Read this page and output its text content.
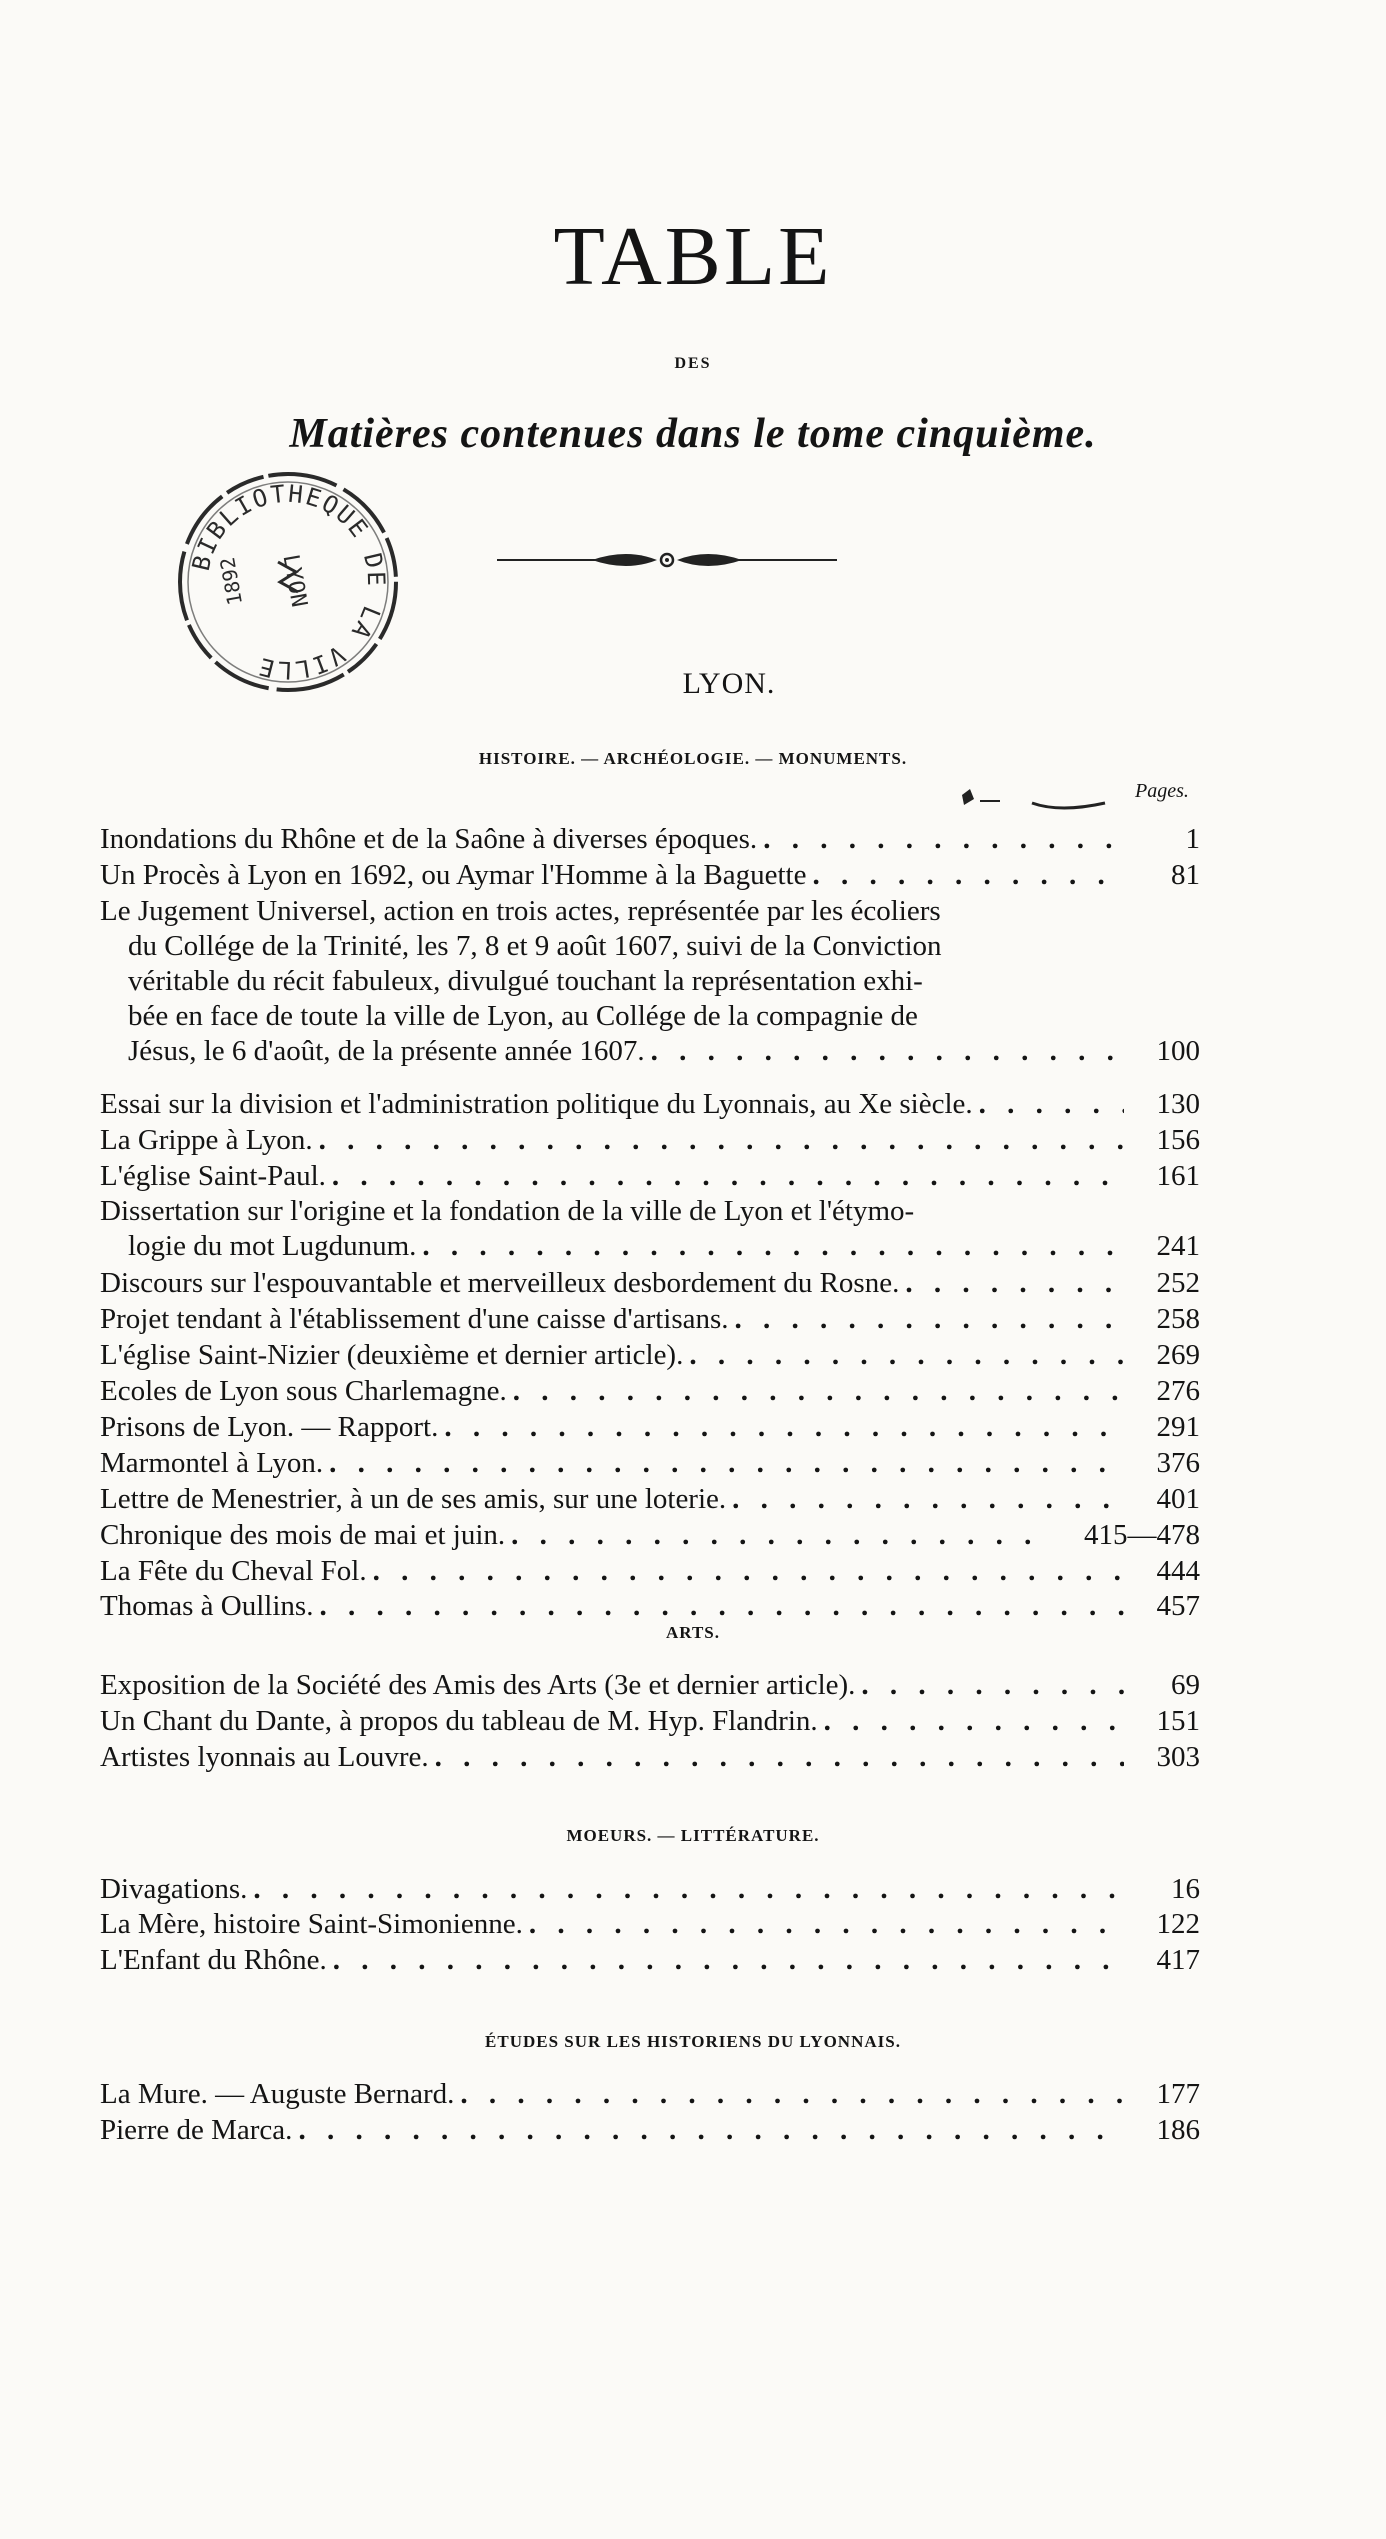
TABLE
DES
Matières contenues dans le tome cinquième.
BIBLIOTHEQUE DE LA VILLE
LYON
1892
LYON.
HISTOIRE. — ARCHÉOLOGIE. — MONUMENTS.
Pages.
Inondations du Rhône et de la Saône à diverses époques. . . .	1
Un Procès à Lyon en 1692, ou Aymar l'Homme à la Baguette . . .	81
Le Jugement Universel, action en trois actes, représentée par les écoliers
du Collége de la Trinité, les 7, 8 et 9 août 1607, suivi de la Conviction
véritable du récit fabuleux, divulgué touchant la représentation exhi-
bée en face de toute la ville de Lyon, au Collége de la compagnie de
Jésus, le 6 d'août, de la présente année 1607. . . .	100
Essai sur la division et l'administration politique du Lyonnais, au Xe siècle. . . .	130
La Grippe à Lyon. . . .	156
L'église Saint-Paul. . . .	161
Dissertation sur l'origine et la fondation de la ville de Lyon et l'étymo-
logie du mot Lugdunum. . . .	241
Discours sur l'espouvantable et merveilleux desbordement du Rosne. . . .	252
Projet tendant à l'établissement d'une caisse d'artisans. . . .	258
L'église Saint-Nizier (deuxième et dernier article). . . .	269
Ecoles de Lyon sous Charlemagne. . . .	276
Prisons de Lyon. — Rapport. . . .	291
Marmontel à Lyon. . . .	376
Lettre de Menestrier, à un de ses amis, sur une loterie. . . .	401
Chronique des mois de mai et juin. . . .	415—478
La Fête du Cheval Fol. . . .	444
Thomas à Oullins. . . .	457
Exposition de la Société des Amis des Arts (3e et dernier article). . . .	69
Un Chant du Dante, à propos du tableau de M. Hyp. Flandrin. . . .	151
Artistes lyonnais au Louvre. . . .	303
Divagations. . . .	16
La Mère, histoire Saint-Simonienne. . . .	122
L'Enfant du Rhône. . . .	417
La Mure. — Auguste Bernard. . . .	177
Pierre de Marca. . . .	186
ARTS.
MOEURS. — LITTÉRATURE.
ÉTUDES SUR LES HISTORIENS DU LYONNAIS.
